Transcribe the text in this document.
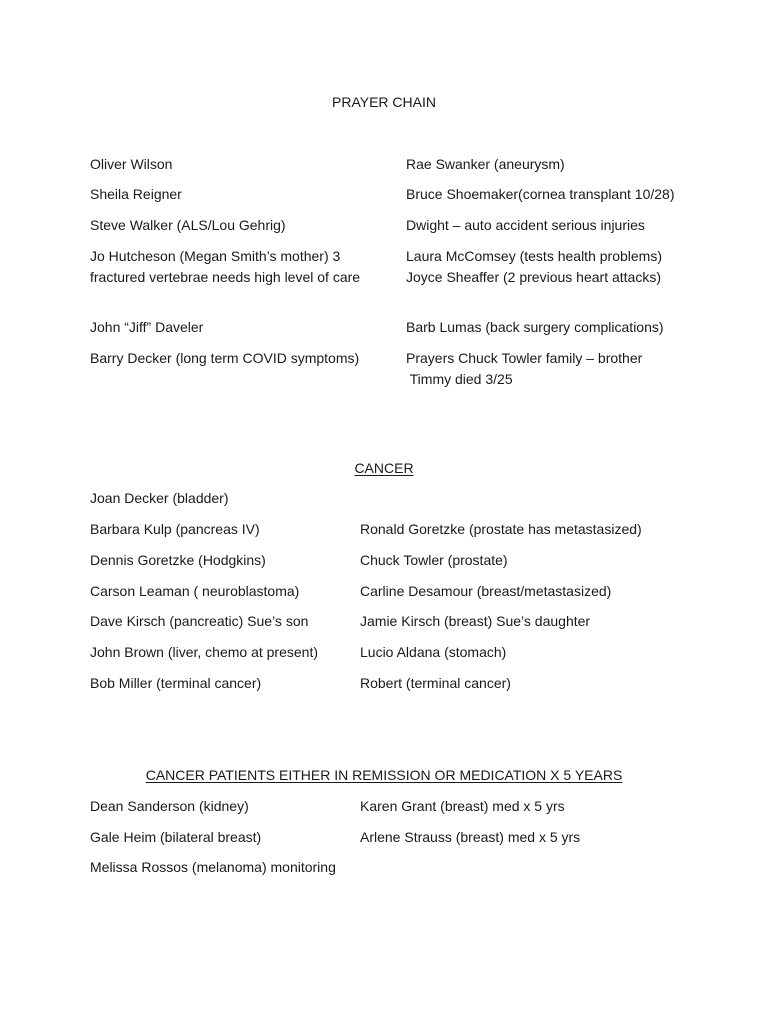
PRAYER CHAIN
Oliver Wilson
Sheila Reigner
Steve Walker (ALS/Lou Gehrig)
Jo Hutcheson (Megan Smith’s mother) 3
fractured vertebrae needs high level of care
John “Jiff” Daveler
Barry Decker (long term COVID symptoms)
Rae Swanker (aneurysm)
Bruce Shoemaker(cornea transplant 10/28)
Dwight – auto accident serious injuries
Laura McComsey (tests health problems)
Joyce Sheaffer (2 previous heart attacks)
Barb Lumas (back surgery complications)
Prayers Chuck Towler family – brother
Timmy died 3/25
CANCER
Joan Decker (bladder)
Barbara Kulp (pancreas IV)
Dennis Goretzke (Hodgkins)
Carson Leaman ( neuroblastoma)
Dave Kirsch (pancreatic) Sue’s son
John Brown (liver, chemo at present)
Bob Miller (terminal cancer)
Ronald Goretzke (prostate has metastasized)
Chuck Towler (prostate)
Carline Desamour (breast/metastasized)
Jamie Kirsch (breast) Sue’s daughter
Lucio Aldana (stomach)
Robert (terminal cancer)
CANCER PATIENTS EITHER IN REMISSION OR MEDICATION X 5 YEARS
Dean Sanderson (kidney)
Gale Heim (bilateral breast)
Melissa Rossos (melanoma) monitoring
Karen Grant (breast) med x 5 yrs
Arlene Strauss (breast) med x 5 yrs
